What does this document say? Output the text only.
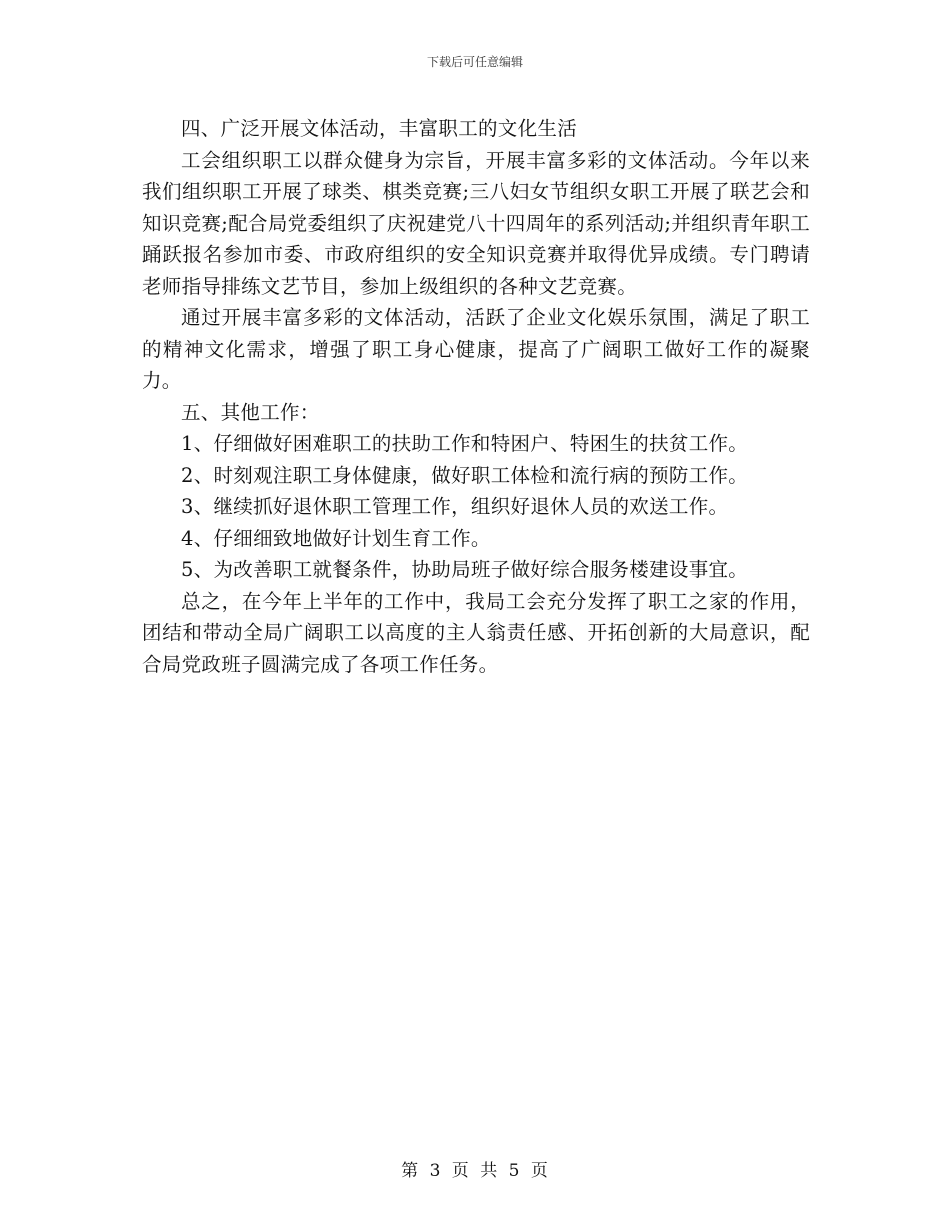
下载后可任意编辑

四、广泛开展文体活动，丰富职工的文化生活

工会组织职工以群众健身为宗旨，开展丰富多彩的文体活动。今年以来我们组织职工开展了球类、棋类竞赛;三八妇女节组织女职工开展了联艺会和知识竞赛;配合局党委组织了庆祝建党八十四周年的系列活动;并组织青年职工踊跃报名参加市委、市政府组织的安全知识竞赛并取得优异成绩。专门聘请老师指导排练文艺节目，参加上级组织的各种文艺竞赛。

通过开展丰富多彩的文体活动，活跃了企业文化娱乐氛围，满足了职工的精神文化需求，增强了职工身心健康，提高了广阔职工做好工作的凝聚力。

五、其他工作：

1、仔细做好困难职工的扶助工作和特困户、特困生的扶贫工作。

2、时刻观注职工身体健康，做好职工体检和流行病的预防工作。

3、继续抓好退休职工管理工作，组织好退休人员的欢送工作。

4、仔细细致地做好计划生育工作。

5、为改善职工就餐条件，协助局班子做好综合服务楼建设事宜。

总之，在今年上半年的工作中，我局工会充分发挥了职工之家的作用，团结和带动全局广阔职工以高度的主人翁责任感、开拓创新的大局意识，配合局党政班子圆满完成了各项工作任务。

第 3 页 共 5 页
